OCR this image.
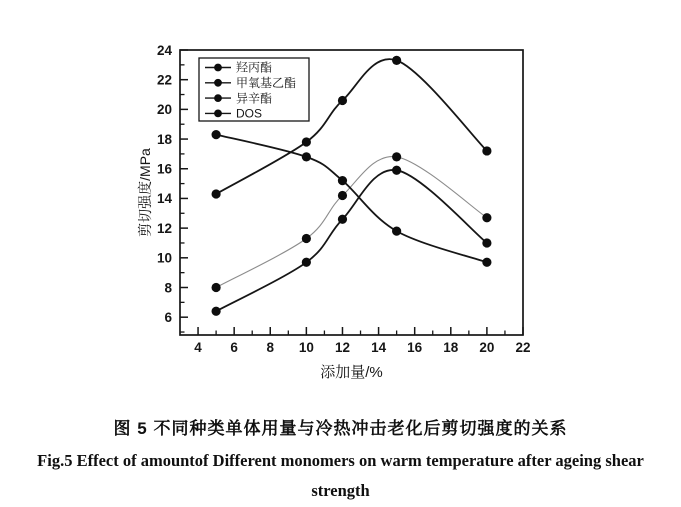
4 6 8 10 12 14 16 18 20 22
6
8
10
12
14
16
18
20
22
24
添加量/%
剪切强度/MPa
羟丙酯
甲氧基乙酯
异辛酯
DOS
图 5 不同种类单体用量与冷热冲击老化后剪切强度的关系
Fig.5 Effect of amountof Different monomers on warm temperature after ageing shear strength
